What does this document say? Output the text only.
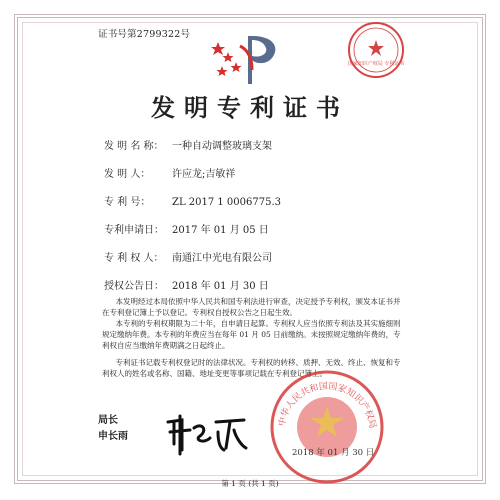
证书号第2799322号
国家知识产权局 专利证书
发明专利证书
发 明 名 称： 一种自动调整玻璃支架
发 明 人： 许应龙;吉敏祥
专 利 号： ZL 2017 1 0006775.3
专利申请日： 2017 年 01 月 05 日
专 利 权 人： 南通江中光电有限公司
授权公告日： 2018 年 01 月 30 日

本发明经过本局依照中华人民共和国专利法进行审查，决定授予专利权，颁发本证书并在专利登记簿上予以登记。专利权自授权公告之日起生效。

本专利的专利权期限为二十年，自申请日起算。专利权人应当依照专利法及其实施细则规定缴纳年费。本专利的年费应当在每年 01 月 05 日前缴纳。未按照规定缴纳年费的，专利权自应当缴纳年费期满之日起终止。

专利证书记载专利权登记时的法律状况。专利权的转移、质押、无效、终止、恢复和专利权人的姓名或名称、国籍、地址变更等事项记载在专利登记簿上。

局长
申长雨
中华人民共和国国家知识产权局
2018 年 01 月 30 日
第 1 页 (共 1 页)
